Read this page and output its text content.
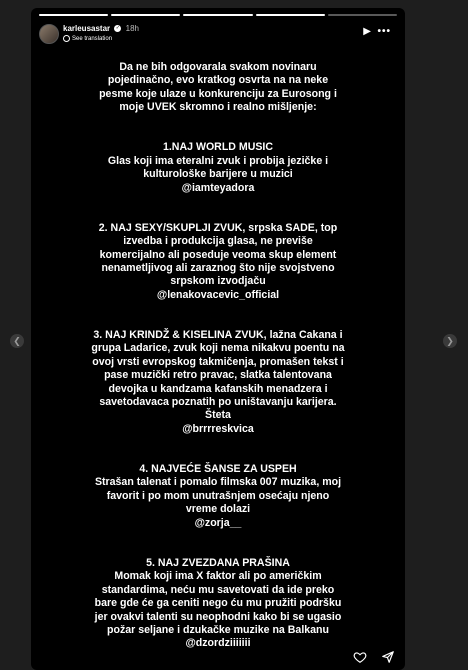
❮	❯
karleusastar ✓ 18h
See translation
▶ •••

Da ne bih odgovarala svakom novinaru

pojedinačno, evo kratkog osvrta na na neke

pesme koje ulaze u konkurenciju za Eurosong i

moje UVEK skromno i realno mišljenje:

1.NAJ WORLD MUSIC

Glas koji ima eteralni zvuk i probija jezičke i

kulturološke barijere u muzici

@iamteyadora

2. NAJ SEXY/SKUPLJI ZVUK, srpska SADE, top

izvedba i produkcija glasa, ne previše

komercijalno ali poseduje veoma skup element

nenametljivog ali zaraznog što nije svojstveno

srpskom izvodjaču

@lenakovacevic_official

3. NAJ KRINDŽ & KISELINA ZVUK, lažna Cakana i

grupa Ladarice, zvuk koji nema nikakvu poentu na

ovoj vrsti evropskog takmičenja, promašen tekst i

pase muzički retro pravac, slatka talentovana

devojka u kandzama kafanskih menadzera i

savetodavaca poznatih po uništavanju karijera.

Šteta

@brrrreskvica

4. NAJVEĆE ŠANSE ZA USPEH

Strašan talenat i pomalo filmska 007 muzika, moj

favorit i po mom unutrašnjem osećaju njeno

vreme dolazi

@zorja__

5. NAJ ZVEZDANA PRAŠINA

Momak koji ima X faktor ali po američkim

standardima, neću mu savetovati da ide preko

bare gde će ga ceniti nego ću mu pružiti podršku

jer ovakvi talenti su neophodni kako bi se ugasio

požar seljane i dzukačke muzike na Balkanu

@dzordziiiiiii
